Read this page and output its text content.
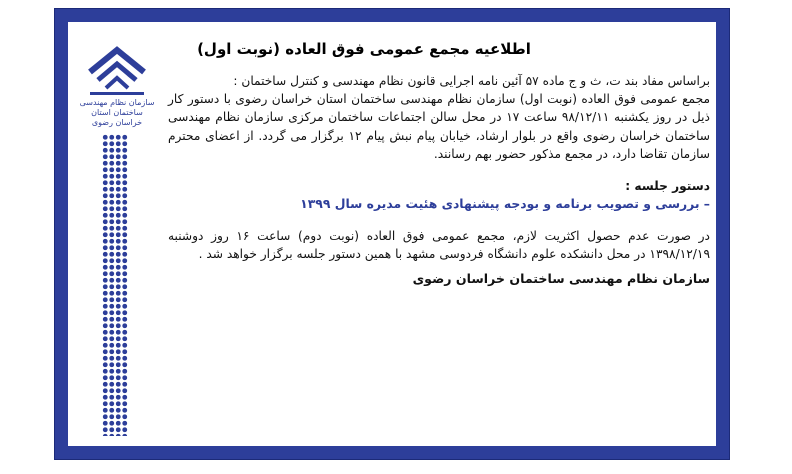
سازمان نظام مهندسی ساختمان استان خراسان رضوی
اطلاعیه مجمع عمومی فوق العاده (نوبت اول)

براساس مفاد بند ت، ث و ج ماده ۵۷ آئین نامه اجرایی قانون نظام مهندسی و کنترل ساختمان :

مجمع عمومی فوق العاده (نوبت اول) سازمان نظام مهندسی ساختمان استان خراسان رضوی با دستور کار ذیل در روز یکشنبه ۹۸/۱۲/۱۱ ساعت ۱۷ در محل سالن اجتماعات ساختمان مرکزی سازمان نظام مهندسی ساختمان خراسان رضوی واقع در بلوار ارشاد، خیابان پیام نبش پیام ۱۲ برگزار می گردد. از اعضای محترم سازمان تقاضا دارد، در مجمع مذکور حضور بهم رسانند.

دستور جلسه :

– بررسی و تصویب برنامه و بودجه پیشنهادی هئیت مدیره سال ۱۳۹۹

در صورت عدم حصول اکثریت لازم، مجمع عمومی فوق العاده (نوبت دوم) ساعت ۱۶ روز دوشنبه ۱۳۹۸/۱۲/۱۹ در محل دانشکده علوم دانشگاه فردوسی مشهد با همین دستور جلسه برگزار خواهد شد .

سازمان نظام مهندسی ساختمان خراسان رضوی
